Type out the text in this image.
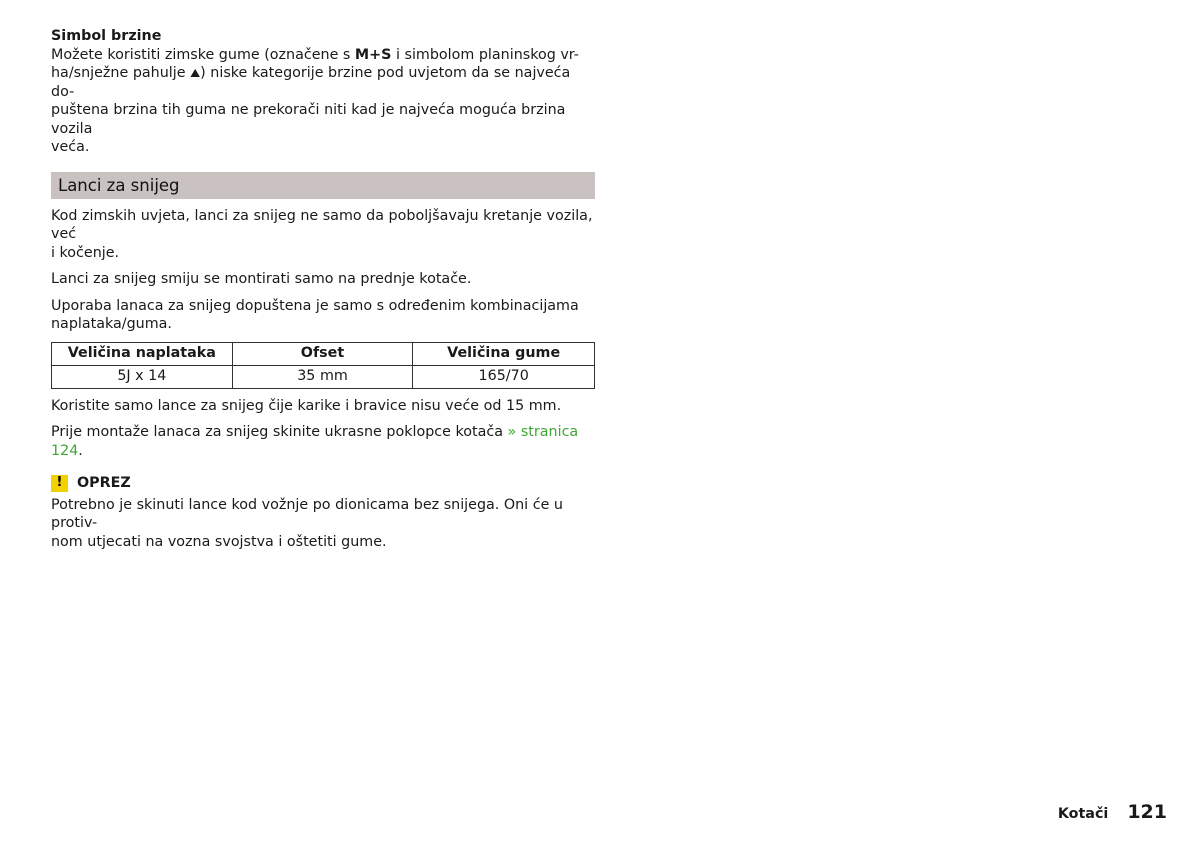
Simbol brzine

Možete koristiti zimske gume (označene s M+S i simbolom planinskog vr-

ha/snježne pahulje ⛰) niske kategorije brzine pod uvjetom da se najveća do-

puštena brzina tih guma ne prekorači niti kad je najveća moguća brzina vozila

veća.

Lanci za snijeg

Kod zimskih uvjeta, lanci za snijeg ne samo da poboljšavaju kretanje vozila, već
i kočenje.

Lanci za snijeg smiju se montirati samo na prednje kotače.

Uporaba lanaca za snijeg dopuštena je samo s određenim kombinacijama
naplataka/guma.

Veličina naplataka	Ofset	Veličina gume
5J x 14	35 mm	165/70

Koristite samo lance za snijeg čije karike i bravice nisu veće od 15 mm.

Prije montaže lanaca za snijeg skinite ukrasne poklopce kotača » stranica 124.

!	OPREZ

Potrebno je skinuti lance kod vožnje po dionicama bez snijega. Oni će u protiv-
nom utjecati na vozna svojstva i oštetiti gume.

Kotači 121
